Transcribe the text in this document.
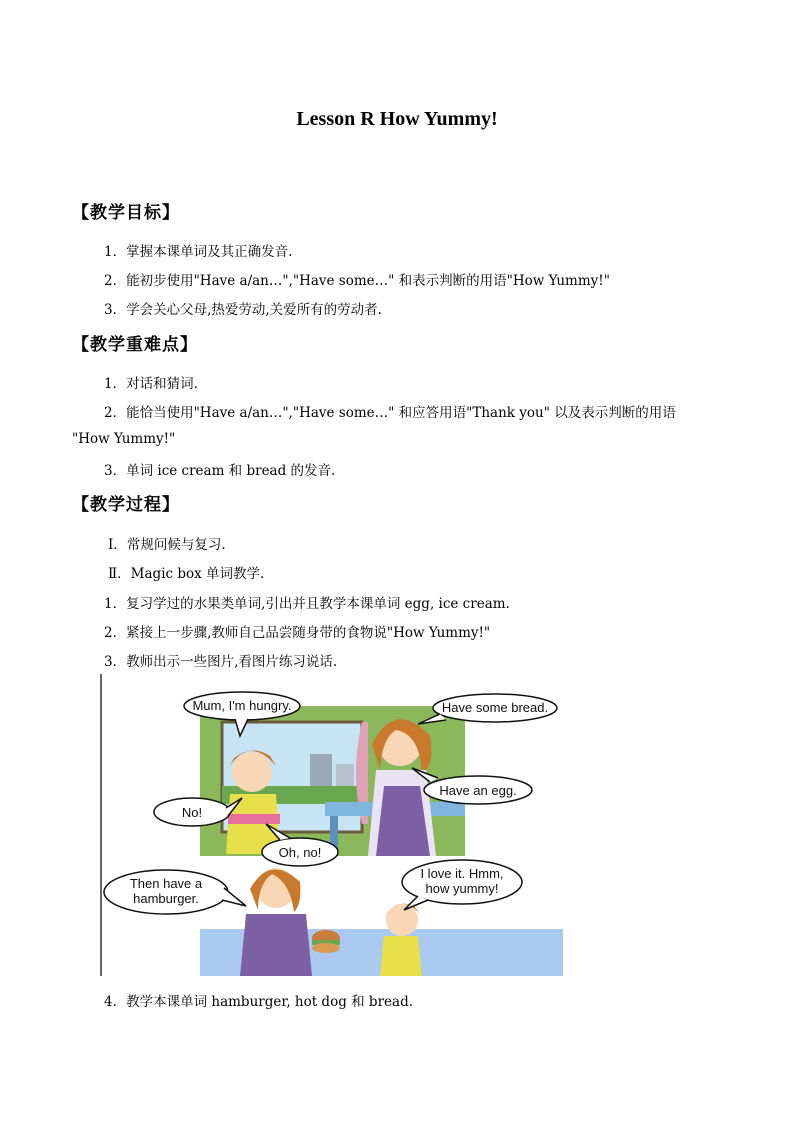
Lesson R How Yummy!
【教学目标】
1．掌握本课单词及其正确发音.
2．能初步使用"Have a/an…","Have some…" 和表示判断的用语"How Yummy!"
3．学会关心父母,热爱劳动,关爱所有的劳动者.
【教学重难点】
1．对话和猜词.
2．能恰当使用"Have a/an…","Have some…" 和应答用语"Thank you" 以及表示判断的用语
"How Yummy!"
3．单词 ice cream 和 bread 的发音.
【教学过程】
Ⅰ．常规问候与复习.
Ⅱ．Magic box 单词教学.
1．复习学过的水果类单词,引出并且教学本课单词 egg, ice cream.
2．紧接上一步骤,教师自己品尝随身带的食物说"How Yummy!"
3．教师出示一些图片,看图片练习说话.
Mum, I'm hungry.	Have some bread.
Have an egg.
No!
Oh, no!
Then have a
hamburger.
I love it. Hmm,
how yummy!
4．教学本课单词 hamburger, hot dog 和 bread.
